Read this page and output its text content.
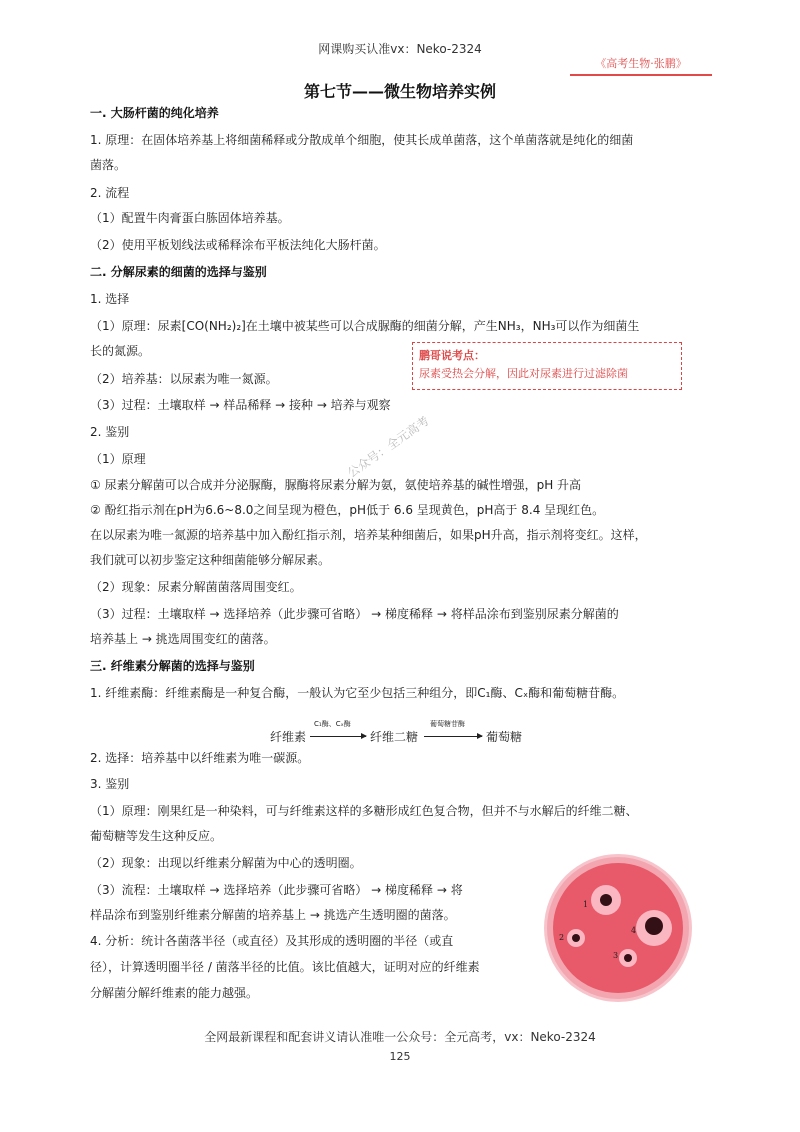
网课购买认准vx：Neko-2324
《高考生物·张鹏》
第七节——微生物培养实例
一. 大肠杆菌的纯化培养
1. 原理：在固体培养基上将细菌稀释或分散成单个细胞，使其长成单菌落，这个单菌落就是纯化的细菌
菌落。
2. 流程
（1）配置牛肉膏蛋白胨固体培养基。
（2）使用平板划线法或稀释涂布平板法纯化大肠杆菌。
二. 分解尿素的细菌的选择与鉴别
1. 选择
（1）原理：尿素[CO(NH₂)₂]在土壤中被某些可以合成脲酶的细菌分解，产生NH₃，NH₃可以作为细菌生
长的氮源。
（2）培养基：以尿素为唯一氮源。
（3）过程：土壤取样 → 样品稀释 → 接种 → 培养与观察
鹏哥说考点：
尿素受热会分解，因此对尿素进行过滤除菌
2. 鉴别
（1）原理
① 尿素分解菌可以合成并分泌脲酶，脲酶将尿素分解为氨，氨使培养基的碱性增强，pH 升高
② 酚红指示剂在pH为6.6~8.0之间呈现为橙色，pH低于 6.6 呈现黄色，pH高于 8.4 呈现红色。
在以尿素为唯一氮源的培养基中加入酚红指示剂，培养某种细菌后，如果pH升高，指示剂将变红。这样，
我们就可以初步鉴定这种细菌能够分解尿素。
（2）现象：尿素分解菌菌落周围变红。
（3）过程：土壤取样 → 选择培养（此步骤可省略） → 梯度稀释 → 将样品涂布到鉴别尿素分解菌的
培养基上 → 挑选周围变红的菌落。
公众号：全元高考
三. 纤维素分解菌的选择与鉴别
1. 纤维素酶：纤维素酶是一种复合酶，一般认为它至少包括三种组分，即C₁酶、Cₓ酶和葡萄糖苷酶。
纤维素
C₁酶、Cₓ酶
纤维二糖
葡萄糖苷酶
葡萄糖
2. 选择：培养基中以纤维素为唯一碳源。
3. 鉴别
（1）原理：刚果红是一种染料，可与纤维素这样的多糖形成红色复合物，但并不与水解后的纤维二糖、
葡萄糖等发生这种反应。
（2）现象：出现以纤维素分解菌为中心的透明圈。
（3）流程：土壤取样 → 选择培养（此步骤可省略） → 梯度稀释 → 将
样品涂布到鉴别纤维素分解菌的培养基上 → 挑选产生透明圈的菌落。
4. 分析：统计各菌落半径（或直径）及其形成的透明圈的半径（或直
径），计算透明圈半径 / 菌落半径的比值。该比值越大，证明对应的纤维素
分解菌分解纤维素的能力越强。
1
2
3
4
全网最新课程和配套讲义请认准唯一公众号：全元高考，vx：Neko-2324
125
